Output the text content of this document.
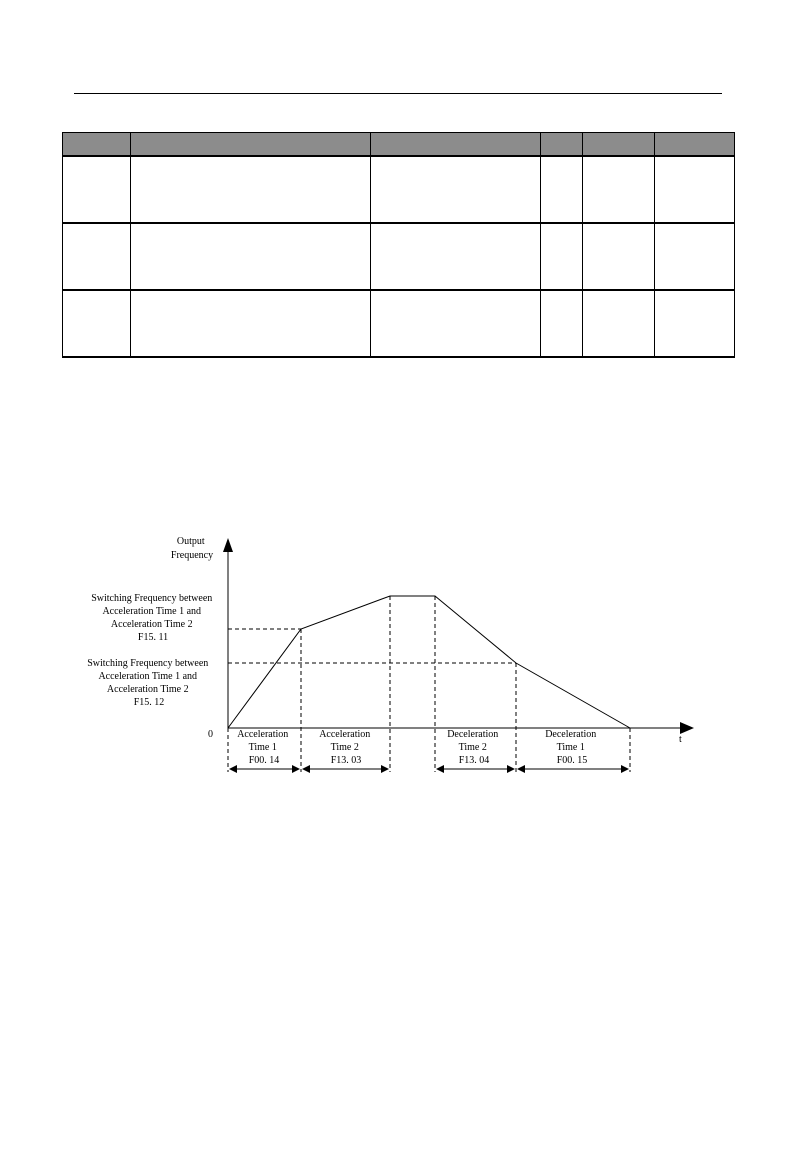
Output Frequency
t
0
Switching Frequency between Acceleration Time 1 and Acceleration Time 2 F15. 11
Switching Frequency between Acceleration Time 1 and Acceleration Time 2 F15. 12
Acceleration Time 1 F00. 14
Acceleration Time 2 F13. 03
Deceleration Time 2 F13. 04
Deceleration Time 1 F00. 15
